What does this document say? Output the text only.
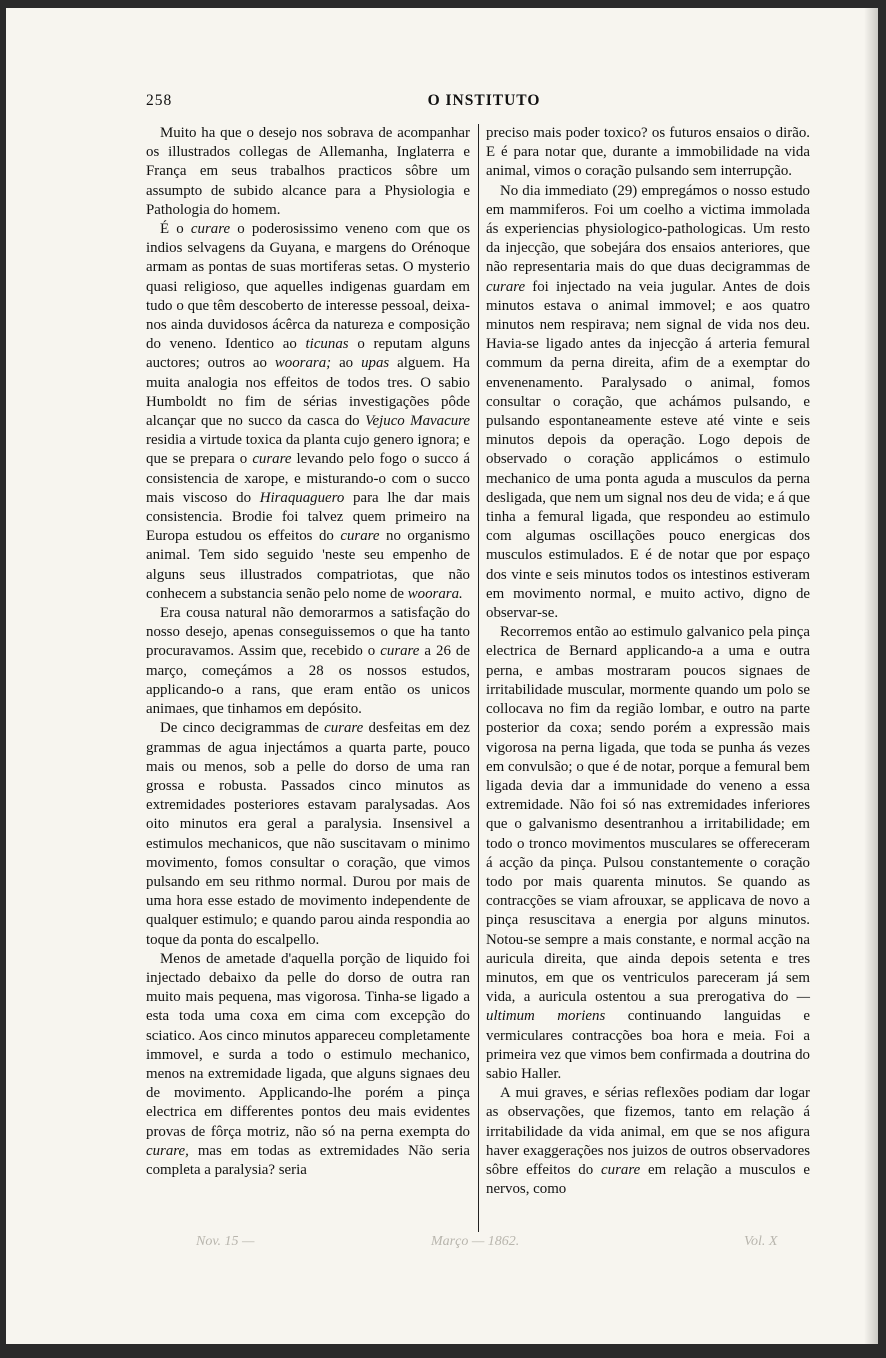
258	O INSTITUTO

Muito ha que o desejo nos sobrava de acompanhar os illustrados collegas de Allemanha, Inglaterra e França em seus trabalhos practicos sôbre um assumpto de subido alcance para a Physiologia e Pathologia do homem.

É o curare o poderosissimo veneno com que os indios selvagens da Guyana, e margens do Orénoque armam as pontas de suas mortiferas setas. O mysterio quasi religioso, que aquelles indigenas guardam em tudo o que têm descoberto de interesse pessoal, deixa-nos ainda duvidosos ácêrca da natureza e composição do veneno. Identico ao ticunas o reputam alguns auctores; outros ao woorara; ao upas alguem. Ha muita analogia nos effeitos de todos tres. O sabio Humboldt no fim de sérias investigações pôde alcançar que no succo da casca do Vejuco Mavacure residia a virtude toxica da planta cujo genero ignora; e que se prepara o curare levando pelo fogo o succo á consistencia de xarope, e misturando-o com o succo mais viscoso do Hiraquaguero para lhe dar mais consistencia. Brodie foi talvez quem primeiro na Europa estudou os effeitos do curare no organismo animal. Tem sido seguido 'neste seu empenho de alguns seus illustrados compatriotas, que não conhecem a substancia senão pelo nome de woorara.

Era cousa natural não demorarmos a satisfação do nosso desejo, apenas conseguissemos o que ha tanto procuravamos. Assim que, recebido o curare a 26 de março, começámos a 28 os nossos estudos, applicando-o a rans, que eram então os unicos animaes, que tinhamos em depósito.

De cinco decigrammas de curare desfeitas em dez grammas de agua injectámos a quarta parte, pouco mais ou menos, sob a pelle do dorso de uma ran grossa e robusta. Passados cinco minutos as extremidades posteriores estavam paralysadas. Aos oito minutos era geral a paralysia. Insensivel a estimulos mechanicos, que não suscitavam o minimo movimento, fomos consultar o coração, que vimos pulsando em seu rithmo normal. Durou por mais de uma hora esse estado de movimento independente de qualquer estimulo; e quando parou ainda respondia ao toque da ponta do escalpello.

Menos de ametade d'aquella porção de liquido foi injectado debaixo da pelle do dorso de outra ran muito mais pequena, mas vigorosa. Tinha-se ligado a esta toda uma coxa em cima com excepção do sciatico. Aos cinco minutos appareceu completamente immovel, e surda a todo o estimulo mechanico, menos na extremidade ligada, que alguns signaes deu de movimento. Applicando-lhe porém a pinça electrica em differentes pontos deu mais evidentes provas de fôrça motriz, não só na perna exempta do curare, mas em todas as extremidades Não seria completa a paralysia? seria

preciso mais poder toxico? os futuros ensaios o dirão. E é para notar que, durante a immobilidade na vida animal, vimos o coração pulsando sem interrupção.

No dia immediato (29) empregámos o nosso estudo em mammiferos. Foi um coelho a victima immolada ás experiencias physiologico-pathologicas. Um resto da injecção, que sobejára dos ensaios anteriores, que não representaria mais do que duas decigrammas de curare foi injectado na veia jugular. Antes de dois minutos estava o animal immovel; e aos quatro minutos nem respirava; nem signal de vida nos deu. Havia-se ligado antes da injecção á arteria femural commum da perna direita, afim de a exemptar do envenenamento. Paralysado o animal, fomos consultar o coração, que achámos pulsando, e pulsando espontaneamente esteve até vinte e seis minutos depois da operação. Logo depois de observado o coração applicámos o estimulo mechanico de uma ponta aguda a musculos da perna desligada, que nem um signal nos deu de vida; e á que tinha a femural ligada, que respondeu ao estimulo com algumas oscillações pouco energicas dos musculos estimulados. E é de notar que por espaço dos vinte e seis minutos todos os intestinos estiveram em movimento normal, e muito activo, digno de observar-se.

Recorremos então ao estimulo galvanico pela pinça electrica de Bernard applicando-a a uma e outra perna, e ambas mostraram poucos signaes de irritabilidade muscular, mormente quando um polo se collocava no fim da região lombar, e outro na parte posterior da coxa; sendo porém a expressão mais vigorosa na perna ligada, que toda se punha ás vezes em convulsão; o que é de notar, porque a femural bem ligada devia dar a immunidade do veneno a essa extremidade. Não foi só nas extremidades inferiores que o galvanismo desentranhou a irritabilidade; em todo o tronco movimentos musculares se offereceram á acção da pinça. Pulsou constantemente o coração todo por mais quarenta minutos. Se quando as contracções se viam afrouxar, se applicava de novo a pinça resuscitava a energia por alguns minutos. Notou-se sempre a mais constante, e normal acção na auricula direita, que ainda depois setenta e tres minutos, em que os ventriculos pareceram já sem vida, a auricula ostentou a sua prerogativa do — ultimum moriens continuando languidas e vermiculares contracções boa hora e meia. Foi a primeira vez que vimos bem confirmada a doutrina do sabio Haller.

A mui graves, e sérias reflexões podiam dar logar as observações, que fizemos, tanto em relação á irritabilidade da vida animal, em que se nos afigura haver exaggerações nos juizos de outros observadores sôbre effeitos do curare em relação a musculos e nervos, como

Nov. 15 —	Março — 1862.	Vol. X
